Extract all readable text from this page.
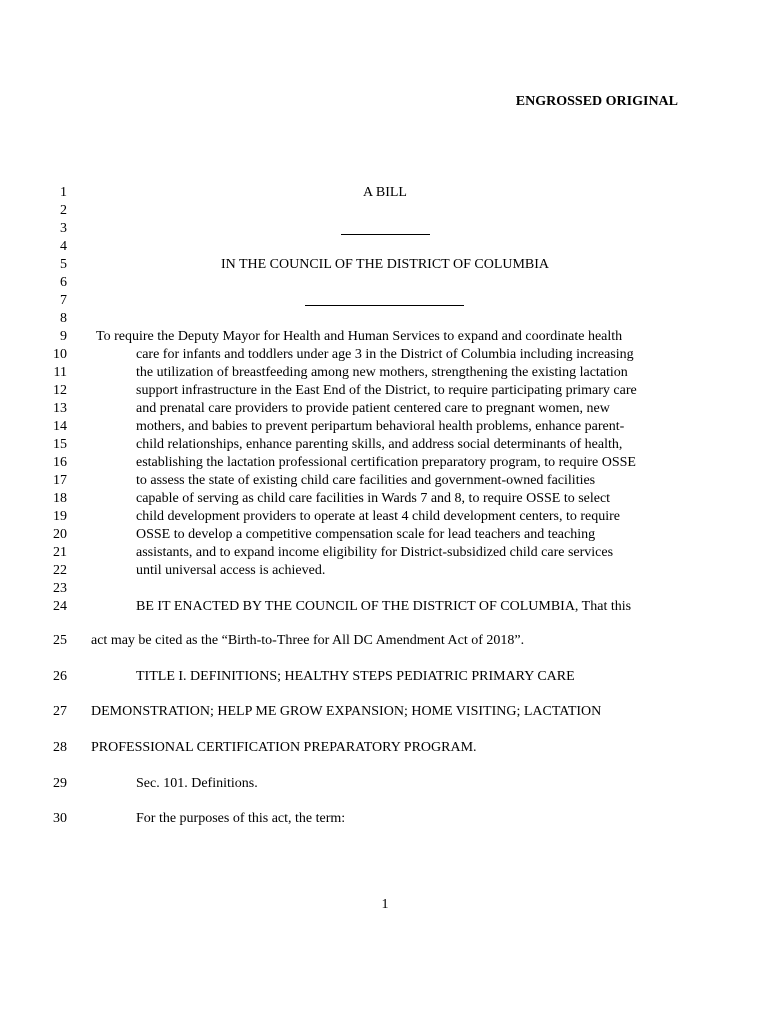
ENGROSSED ORIGINAL
1
2
3
4
5
6
7
8
9
10
11
12
13
14
15
16
17
18
19
20
21
22
23
24
25
26
27
28
29
30
A BILL
IN THE COUNCIL OF THE DISTRICT OF COLUMBIA
To require the Deputy Mayor for Health and Human Services to expand and coordinate health
care for infants and toddlers under age 3 in the District of Columbia including increasing
the utilization of breastfeeding among new mothers, strengthening the existing lactation
support infrastructure in the East End of the District, to require participating primary care
and prenatal care providers to provide patient centered care to pregnant women, new
mothers, and babies to prevent peripartum behavioral health problems, enhance parent-
child relationships, enhance parenting skills, and address social determinants of health,
establishing the lactation professional certification preparatory program, to require OSSE
to assess the state of existing child care facilities and government-owned facilities
capable of serving as child care facilities in Wards 7 and 8, to require OSSE to select
child development providers to operate at least 4 child development centers, to require
OSSE to develop a competitive compensation scale for lead teachers and teaching
assistants, and to expand income eligibility for District-subsidized child care services
until universal access is achieved.
BE IT ENACTED BY THE COUNCIL OF THE DISTRICT OF COLUMBIA, That this
act may be cited as the “Birth-to-Three for All DC Amendment Act of 2018”.
TITLE I. DEFINITIONS; HEALTHY STEPS PEDIATRIC PRIMARY CARE
DEMONSTRATION; HELP ME GROW EXPANSION; HOME VISITING; LACTATION
PROFESSIONAL CERTIFICATION PREPARATORY PROGRAM.
Sec. 101. Definitions.
For the purposes of this act, the term:
1
